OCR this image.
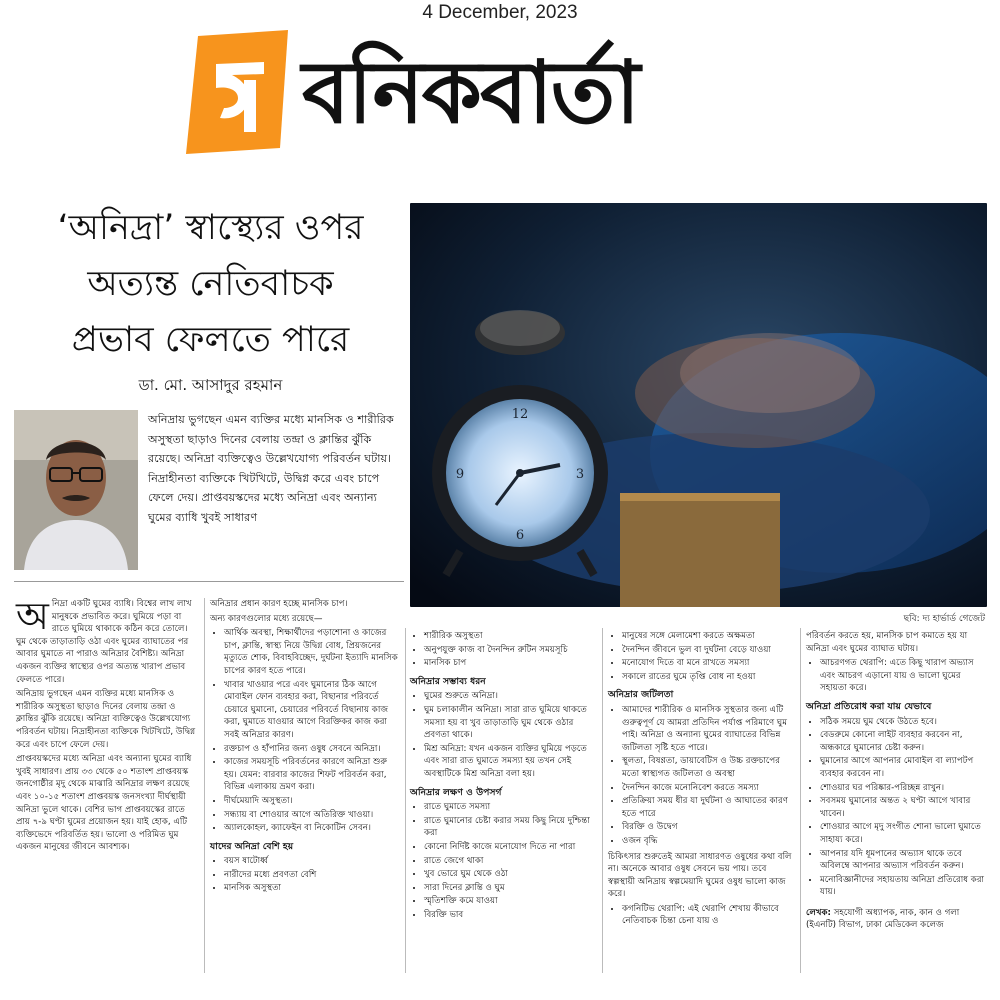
4 December, 2023
বনিকবার্তা
‘অনিদ্রা’ স্বাস্থ্যের ওপর
অত্যন্ত নেতিবাচক
প্রভাব ফেলতে পারে
ডা. মো. আসাদুর রহমান
12
3
6
9
ছবি: দ্য হার্ভার্ড গেজেট
অনিদ্রায় ভুগছেন এমন ব্যক্তির মধ্যে মানসিক ও শারীরিক অসুস্থতা ছাড়াও দিনের বেলায় তন্দ্রা ও ক্লান্তির ঝুঁকি রয়েছে। অনিদ্রা ব্যক্তিত্বেও উল্লেখযোগ্য পরিবর্তন ঘটায়। নিদ্রাহীনতা ব্যক্তিকে খিটখিটে, উদ্বিগ্ন করে এবং চাপে ফেলে দেয়। প্রাপ্তবয়স্কদের মধ্যে অনিদ্রা এবং অন্যান্য ঘুমের ব্যাধি খুবই সাধারণ

অনিদ্রা একটি ঘুমের ব্যাধি। বিশ্বের লাখ লাখ মানুষকে প্রভাবিত করে। ঘুমিয়ে পড়া বা রাতে ঘুমিয়ে থাকাকে কঠিন করে তোলে। ঘুম থেকে তাড়াতাড়ি ওঠা এবং ঘুমের ব্যাঘাতের পর আবার ঘুমাতে না পারাও অনিদ্রার বৈশিষ্ট্য। অনিদ্রা একজন ব্যক্তির স্বাস্থ্যের ওপর অত্যন্ত খারাপ প্রভাব ফেলতে পারে।

অনিদ্রায় ভুগছেন এমন ব্যক্তির মধ্যে মানসিক ও শারীরিক অসুস্থতা ছাড়াও দিনের বেলায় তন্দ্রা ও ক্লান্তির ঝুঁকি রয়েছে। অনিদ্রা ব্যক্তিত্বেও উল্লেখযোগ্য পরিবর্তন ঘটায়। নিদ্রাহীনতা ব্যক্তিকে খিটখিটে, উদ্বিগ্ন করে এবং চাপে ফেলে দেয়।

প্রাপ্তবয়স্কদের মধ্যে অনিদ্রা এবং অন্যান্য ঘুমের ব্যাধি খুবই সাধারণ। প্রায় ৩৩ থেকে ৫০ শতাংশ প্রাপ্তবয়স্ক জনগোষ্ঠীর মৃদু থেকে মাঝারি অনিদ্রার লক্ষণ রয়েছে এবং ১০-১৫ শতাংশ প্রাপ্তবয়স্ক জনসংখ্যা দীর্ঘস্থায়ী অনিদ্রা ভুলে থাকে। বেশির ভাগ প্রাপ্তবয়স্কের রাতে প্রায় ৭-৯ ঘণ্টা ঘুমের প্রয়োজন হয়। যাই হোক, এটি ব্যক্তিভেদে পরিবর্তিত হয়। ভালো ও পরিমিত ঘুম একজন মানুষের জীবনে আবশ্যক।

অনিদ্রার প্রধান কারণ হচ্ছে মানসিক চাপ।

অন্য কারণগুলোর মধ্যে রয়েছে—

• আর্থিক অবস্থা, শিক্ষার্থীদের পড়াশোনা ও কাজের চাপ, ক্লান্তি, স্বাস্থ্য নিয়ে উদ্বিগ্ন বোধ, প্রিয়জনের মৃত্যুতে শোক, বিবাহবিচ্ছেদ, দুর্ঘটনা ইত্যাদি মানসিক চাপের কারণ হতে পারে।
• খাবার খাওয়ার পরে এবং ঘুমানোর ঠিক আগে মোবাইল ফোন ব্যবহার করা, বিছানার পরিবর্তে চেয়ারে ঘুমানো, চেয়ারের পরিবর্তে বিছানায় কাজ করা, ঘুমাতে যাওয়ার আগে বিরক্তিকর কাজ করা সবই অনিদ্রার কারণ।
• রক্তচাপ ও হাঁপানির জন্য ওষুধ সেবনে অনিদ্রা।
• কাজের সময়সূচি পরিবর্তনের কারণে অনিদ্রা শুরু হয়। যেমন: বারবার কাজের শিফট পরিবর্তন করা, বিভিন্ন এলাকায় ভ্রমণ করা।
• দীর্ঘমেয়াদি অসুস্থতা।
• সন্ধ্যায় বা শোওয়ার আগে অতিরিক্ত খাওয়া।
• অ্যালকোহল, ক্যাফেইন বা নিকোটিন সেবন।
যাদের অনিদ্রা বেশি হয়
• বয়স ষাটোর্ধ্ব
• নারীদের মধ্যে প্রবণতা বেশি
• মানসিক অসুস্থতা
• শারীরিক অসুস্থতা
• অনুপযুক্ত কাজ বা দৈনন্দিন রুটিন সময়সূচি
• মানসিক চাপ
অনিদ্রার সম্ভাব্য ধরন
• ঘুমের শুরুতে অনিদ্রা।
• ঘুম চলাকালীন অনিদ্রা। সারা রাত ঘুমিয়ে থাকতে সমস্যা হয় বা খুব তাড়াতাড়ি ঘুম থেকে ওঠার প্রবণতা থাকে।
• মিশ্র অনিদ্রা: যখন একজন ব্যক্তির ঘুমিয়ে পড়তে এবং সারা রাত ঘুমাতে সমস্যা হয় তখন সেই অবস্থাটিকে মিশ্র অনিদ্রা বলা হয়।
অনিদ্রার লক্ষণ ও উপসর্গ
• রাতে ঘুমাতে সমস্যা
• রাতে ঘুমানোর চেষ্টা করার সময় কিছু নিয়ে দুশ্চিন্তা করা
• কোনো নির্দিষ্ট কাজে মনোযোগ দিতে না পারা
• রাতে জেগে থাকা
• খুব ভোরে ঘুম থেকে ওঠা
• সারা দিনের ক্লান্তি ও ঘুম
• স্মৃতিশক্তি কমে যাওয়া
• বিরক্তি ভাব
• মানুষের সঙ্গে মেলামেশা করতে অক্ষমতা
• দৈনন্দিন জীবনে ভুল বা দুর্ঘটনা বেড়ে যাওয়া
• মনোযোগ দিতে বা মনে রাখতে সমস্যা
• সকালে রাতের ঘুমে তৃপ্তি বোধ না হওয়া
অনিদ্রার জটিলতা
• আমাদের শারীরিক ও মানসিক সুস্থতার জন্য এটি গুরুত্বপূর্ণ যে আমরা প্রতিদিন পর্যাপ্ত পরিমাণে ঘুম পাই। অনিদ্রা ও অন্যান্য ঘুমের ব্যাঘাতের বিভিন্ন জটিলতা সৃষ্টি হতে পারে।
• স্থূলতা, বিষণ্ণতা, ডায়াবেটিস ও উচ্চ রক্তচাপের মতো স্বাস্থ্যগত জটিলতা ও অবস্থা
• দৈনন্দিন কাজে মনোনিবেশ করতে সমস্যা
• প্রতিক্রিয়া সময় ধীর যা দুর্ঘটনা ও আঘাতের কারণ হতে পারে
• বিরক্তি ও উদ্বেগ
• ওজন বৃদ্ধি

চিকিৎসার শুরুতেই আমরা সাধারণত ওষুধের কথা বলি না। অনেকে আবার ওষুধ সেবনে ভয় পায়। তবে স্বল্পস্থায়ী অনিদ্রায় স্বল্পমেয়াদি ঘুমের ওষুধ ভালো কাজ করে।

• কগনিটিভ থেরাপি: এই থেরাপি শেখায় কীভাবে নেতিবাচক চিন্তা চেনা যায় ও

পরিবর্তন করতে হয়, মানসিক চাপ কমাতে হয় যা অনিদ্রা এবং ঘুমের ব্যাঘাত ঘটায়।

• আচরণগত থেরাপি: এতে কিছু খারাপ অভ্যাস এবং আচরণ এড়ানো যায় ও ভালো ঘুমের সহায়তা করে।
অনিদ্রা প্রতিরোধ করা যায় যেভাবে
• সঠিক সময়ে ঘুম থেকে উঠতে হবে।
• বেডরুমে কোনো লাইট ব্যবহার করবেন না, অন্ধকারে ঘুমানোর চেষ্টা করুন।
• ঘুমানোর আগে আপনার মোবাইল বা ল্যাপটপ ব্যবহার করবেন না।
• শোওয়ার ঘর পরিষ্কার-পরিচ্ছন্ন রাখুন।
• সবসময় ঘুমানোর অন্তত ২ ঘণ্টা আগে খাবার খাবেন।
• শোওয়ার আগে মৃদু সংগীত শোনা ভালো ঘুমাতে সাহায্য করে।
• আপনার যদি ধূমপানের অভ্যাস থাকে তবে অবিলম্বে আপনার অভ্যাস পরিবর্তন করুন।
• মনোবিজ্ঞানীদের সহায়তায় অনিদ্রা প্রতিরোধ করা যায়।

লেখক: সহযোগী অধ্যাপক, নাক, কান ও গলা (ইএনটি) বিভাগ, ঢাকা মেডিকেল কলেজ
